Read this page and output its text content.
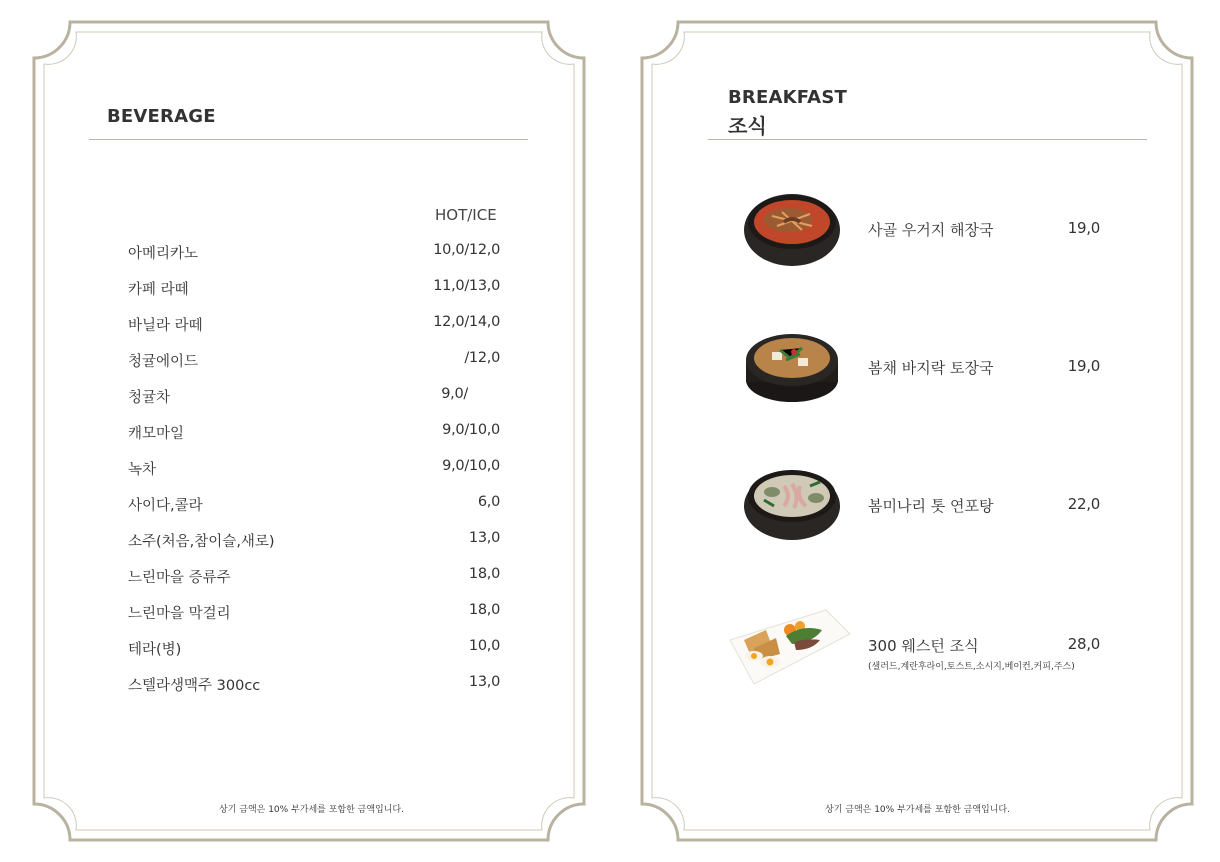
BEVERAGE
HOT/ICE
아메리카노	10,0/12,0
카페 라떼	11,0/13,0
바닐라 라떼	12,0/14,0
청귤에이드	/12,0
청귤차	9,0/
캐모마일	9,0/10,0
녹차	9,0/10,0
사이다,콜라	6,0
소주(처음,참이슬,새로)	13,0
느린마을 증류주	18,0
느린마을 막걸리	18,0
테라(병)	10,0
스텔라생맥주 300cc	13,0
상기 금액은 10% 부가세를 포함한 금액입니다.
BREAKFAST
조식
사골 우거지 해장국	19,0
봄채 바지락 토장국	19,0
봄미나리 톳 연포탕	22,0
300 웨스턴 조식	28,0
(샐러드,계란후라이,토스트,소시지,베이컨,커피,주스)
상기 금액은 10% 부가세를 포함한 금액입니다.
